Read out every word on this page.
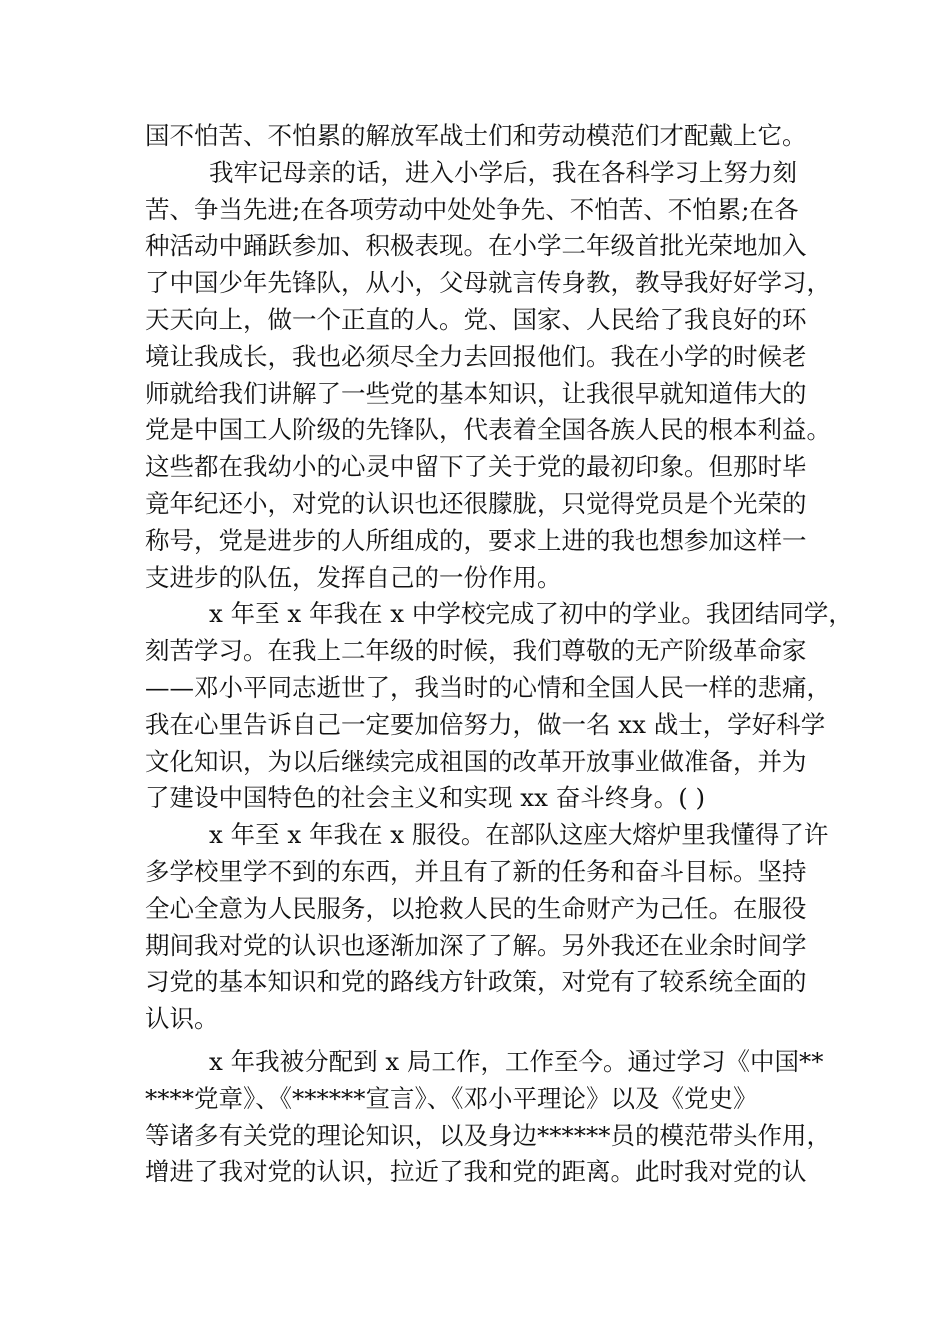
国不怕苦、不怕累的解放军战士们和劳动模范们才配戴上它。
我牢记母亲的话，进入小学后，我在各科学习上努力刻
苦、争当先进;在各项劳动中处处争先、不怕苦、不怕累;在各
种活动中踊跃参加、积极表现。在小学二年级首批光荣地加入
了中国少年先锋队，从小，父母就言传身教，教导我好好学习，
天天向上，做一个正直的人。党、国家、人民给了我良好的环
境让我成长，我也必须尽全力去回报他们。我在小学的时候老
师就给我们讲解了一些党的基本知识，让我很早就知道伟大的
党是中国工人阶级的先锋队，代表着全国各族人民的根本利益。
这些都在我幼小的心灵中留下了关于党的最初印象。但那时毕
竟年纪还小，对党的认识也还很朦胧，只觉得党员是个光荣的
称号，党是进步的人所组成的，要求上进的我也想参加这样一
支进步的队伍，发挥自己的一份作用。
x 年至 x 年我在 x 中学校完成了初中的学业。我团结同学，
刻苦学习。在我上二年级的时候，我们尊敬的无产阶级革命家
——邓小平同志逝世了，我当时的心情和全国人民一样的悲痛，
我在心里告诉自己一定要加倍努力，做一名 xx 战士，学好科学
文化知识，为以后继续完成祖国的改革开放事业做准备，并为
了建设中国特色的社会主义和实现 xx 奋斗终身。( )
x 年至 x 年我在 x 服役。在部队这座大熔炉里我懂得了许
多学校里学不到的东西，并且有了新的任务和奋斗目标。坚持
全心全意为人民服务，以抢救人民的生命财产为己任。在服役
期间我对党的认识也逐渐加深了了解。另外我还在业余时间学
习党的基本知识和党的路线方针政策，对党有了较系统全面的
认识。
x 年我被分配到 x 局工作，工作至今。通过学习《中国**
****党章》、《******宣言》、《邓小平理论》以及《党史》
等诸多有关党的理论知识，以及身边******员的模范带头作用，
增进了我对党的认识，拉近了我和党的距离。此时我对党的认
